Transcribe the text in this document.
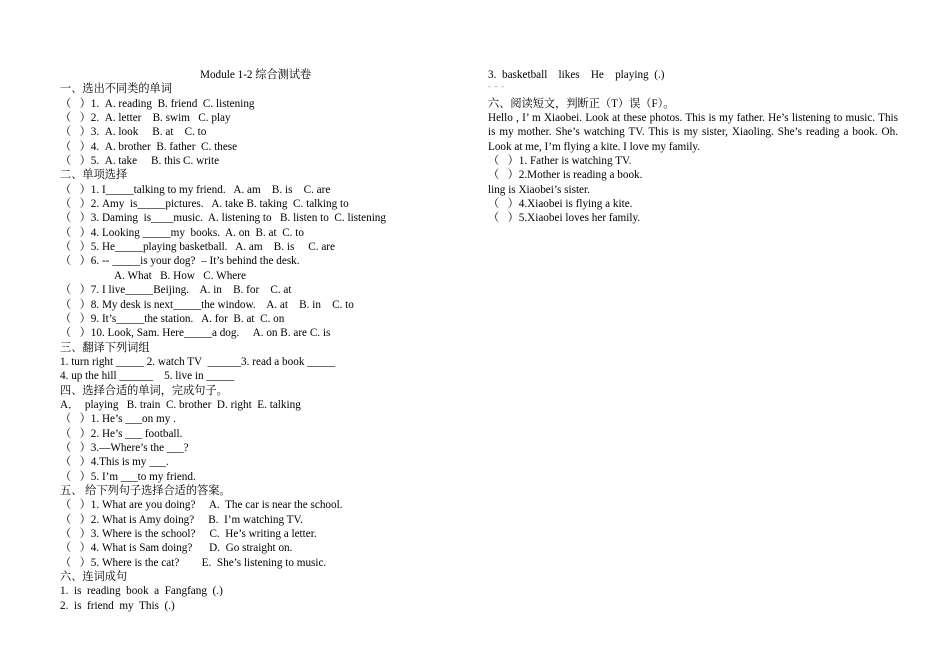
Module 1-2 综合测试卷
一、选出不同类的单词
（   ）1.  A. reading  B. friend  C. listening
（   ）2.  A. letter    B. swim   C. play
（   ）3.  A. look     B. at    C. to
（   ）4.  A. brother  B. father  C. these
（   ）5.  A. take     B. this C. write
二、单项选择
（   ）1. I_____talking to my friend.   A. am    B. is    C. are
（   ）2. Amy  is_____pictures.   A. take B. taking  C. talking to
（   ）3. Daming  is____music.  A. listening to   B. listen to  C. listening
（   ）4. Looking _____my  books.  A. on  B. at  C. to
（   ）5. He_____playing basketball.   A. am    B. is     C. are
（   ）6. -- _____is your dog?  – It’s behind the desk.
A. What   B. How   C. Where
（   ）7. I live_____Beijing.    A. in    B. for    C. at
（   ）8. My desk is next_____the window.    A. at    B. in    C. to
（   ）9. It’s_____the station.   A. for  B. at  C. on
（   ）10. Look, Sam. Here_____a dog.     A. on B. are C. is
三、翻译下列词组
1. turn right _____ 2. watch TV  ______3. read a book _____
4. up the hill ______    5. live in _____
四、选择合适的单词，完成句子。
A．  playing   B. train  C. brother  D. right  E. talking
（   ）1. He’s ___on my .
（   ）2. He’s ___ football.
（   ）3.—Where’s the ___?
（   ）4.This is my ___.
（   ）5. I’m ___to my friend.
五、 给下列句子选择合适的答案。
（   ）1. What are you doing?     A.  The car is near the school.
（   ）2. What is Amy doing?     B.  I’m watching TV.
（   ）3. Where is the school?     C.  He’s writing a letter.
（   ）4. What is Sam doing?      D.  Go straight on.
（   ）5. Where is the cat?        E.  She’s listening to music.
六、连词成句
1.  is  reading  book  a  Fangfang  (.)
2.  is  friend  my  This  (.)
3.  basketball    likes    He    playing  (.)
- - -
六、阅读短文，判断正（T）误（F）。
Hello , I’ m Xiaobei. Look at these photos. This is my father. He’s listening to music. This is my mother. She’s watching TV. This is my sister, Xiaoling. She’s reading a book. Oh. Look at me, I’m flying a kite. I love my family.
（   ）1. Father is watching TV.
（   ）2.Mother is reading a book.
ling is Xiaobei’s sister.
（   ）4.Xiaobei is flying a kite.
（   ）5.Xiaobei loves her family.
